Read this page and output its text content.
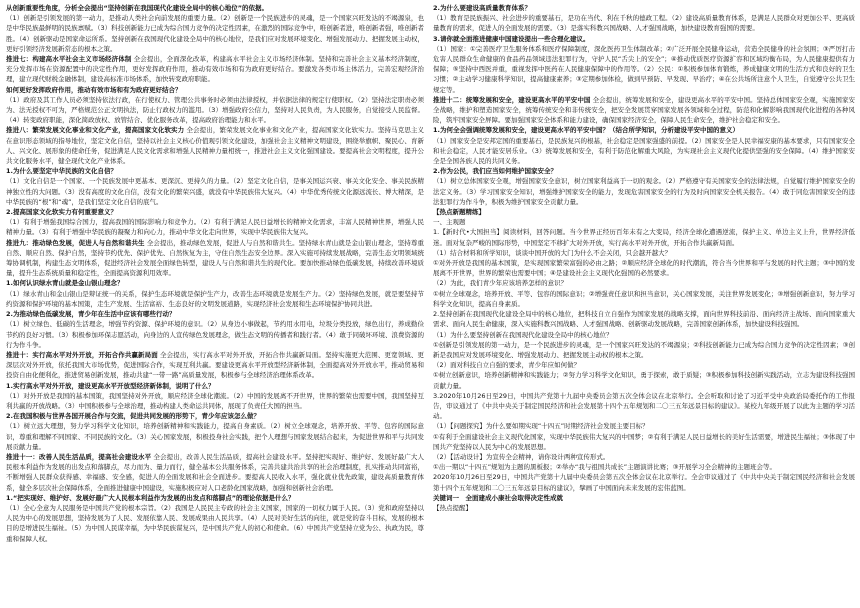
从创新重要性角度，分析全会提出“坚持创新在我国现代化建设全局中的核心地位”的依据。

（1）创新是引领发展的第一动力，是推动人类社会向前发展的重要力量。（2）创新是一个民族进步的灵魂，是一个国家兴旺发达的不竭源泉，也是中华民族最鲜明的民族禀赋。（3）科技创新能力已成为综合国力竞争的决定性因素，在激烈的国际竞争中，唯创新者进，唯创新者强，唯创新者胜。（4）创新驱动是国家命运所系。坚持创新在我国现代化建设全局中的核心地位，是我们应对发展环境变化、增强发展动力、把握发展主动权，更好引领经济发展新常态的根本之策。

推进七：构建高水平社会主义市场经济体制 全会提出，全面深化改革，构建高水平社会主义市场经济体制。坚持和完善社会主义基本经济制度，充分发挥市场在资源配置中的决定性作用，更好发挥政府作用，推动有效市场和有为政府更好结合。要激发各类市场主体活力，完善宏观经济治理，建立现代财税金融体制，建设高标准市场体系，加快转变政府职能。

如何更好发挥政府作用，推动有效市场和有为政府更好结合？

（1）政府及其工作人员必须坚持依法行政，在行使权力、管理公共事务时必须由法律授权，并依据法律的规定行使职权。（2）坚持法定职责必须为、法无授权不可为，严格规范公正文明执法，防止行政权力的滥用。（3）增强政府公信力，坚持对人民负责，为人民服务，自觉接受人民监督。（4）转变政府职能，深化简政放权、放管结合、优化服务改革，提高政府治理能力和水平。

推进八：繁荣发展文化事业和文化产业，提高国家文化软实力 全会提出，繁荣发展文化事业和文化产业，提高国家文化软实力。坚持马克思主义在意识形态领域的指导地位，坚定文化自信，坚持以社会主义核心价值观引领文化建设，加强社会主义精神文明建设，围绕举旗帜、聚民心、育新人、兴文化、展形象的使命任务，促进满足人民文化需求和增强人民精神力量相统一，推进社会主义文化强国建设。要提高社会文明程度，提升公共文化服务水平，健全现代文化产业体系。

1.为什么要坚定中华民族的文化自信？

（1）文化自信是一个国家、一个民族发展中更基本、更深沉、更持久的力量。（2）坚定文化自信，是事关国运兴衰、事关文化安全、事关民族精神独立性的大问题。（3）没有高度的文化自信，没有文化的繁荣兴盛，就没有中华民族伟大复兴。（4）中华优秀传统文化源远流长、博大精深，是中华民族的“根”和“魂”，是我们坚定文化自信的底气。

2.提高国家文化软实力有何重要意义？

（1）有利于增强我国综合国力，提高我国的国际影响力和竞争力。（2）有利于满足人民日益增长的精神文化需求，丰富人民精神世界，增强人民精神力量。（3）有利于增强中华民族的凝聚力和向心力，推动中华文化走向世界，实现中华民族伟大复兴。

推进九：推动绿色发展，促进人与自然和谐共生 全会提出，推动绿色发展，促进人与自然和谐共生。坚持绿水青山就是金山银山理念，坚持尊重自然、顺应自然、保护自然，坚持节约优先、保护优先、自然恢复为主，守住自然生态安全边界。深入实施可持续发展战略，完善生态文明领域统筹协调机制，构建生态文明体系，促进经济社会发展全面绿色转型，建设人与自然和谐共生的现代化。要加快推动绿色低碳发展，持续改善环境质量，提升生态系统质量和稳定性，全面提高资源利用效率。

1.如何认识绿水青山就是金山银山理念？

（1）绿水青山和金山银山是辩证统一的关系，保护生态环境就是保护生产力，改善生态环境就是发展生产力。（2）坚持绿色发展，就是要坚持节约资源和保护环境的基本国策，走生产发展、生活富裕、生态良好的文明发展道路，实现经济社会发展和生态环境保护协同共进。

2.为推动绿色低碳发展，青少年在生活中应该有哪些行动？

（1）树立绿色、低碳的生活理念，增强节约资源、保护环境的意识。（2）从身边小事做起，节约用水用电，垃圾分类投放，绿色出行，养成勤俭节约的良好习惯。（3）积极参加环保志愿活动，向身边的人宣传绿色发展理念，做生态文明的传播者和践行者。（4）敢于同破坏环境、浪费资源的行为作斗争。

推进十：实行高水平对外开放，开拓合作共赢新局面 全会提出，实行高水平对外开放，开拓合作共赢新局面。坚持实施更大范围、更宽领域、更深层次对外开放，依托我国大市场优势，促进国际合作，实现互利共赢。要建设更高水平开放型经济新体制，全面提高对外开放水平，推动贸易和投资自由化便利化，推进贸易创新发展，推动共建“一带一路”高质量发展，积极参与全球经济治理体系改革。

1.实行高水平对外开放，建设更高水平开放型经济新体制，说明了什么？

（1）对外开放是我国的基本国策，我国坚持对外开放，顺应经济全球化潮流。（2）中国的发展离不开世界，世界的繁荣也需要中国，我国坚持互利共赢的开放战略。（3）中国积极参与全球治理，推动构建人类命运共同体，展现了负责任大国的担当。

2.在我国积极与世界各国开展合作与交流，促进共同发展的形势下，青少年应该怎么做？

（1）树立远大理想，努力学习科学文化知识，培养创新精神和实践能力，提高自身素质。（2）树立全球观念，培养开放、平等、包容的国际意识，尊重和理解不同国家、不同民族的文化。（3）关心国家发展，积极投身社会实践，把个人理想与国家发展结合起来，为促进世界和平与共同发展贡献力量。

推进十一：改善人民生活品质，提高社会建设水平 全会提出，改善人民生活品质，提高社会建设水平。坚持把实现好、维护好、发展好最广大人民根本利益作为发展的出发点和落脚点，尽力而为、量力而行，健全基本公共服务体系，完善共建共治共享的社会治理制度，扎实推动共同富裕，不断增强人民群众获得感、幸福感、安全感，促进人的全面发展和社会全面进步。要提高人民收入水平，强化就业优先政策，建设高质量教育体系，健全多层次社会保障体系，全面推进健康中国建设，实施积极应对人口老龄化国家战略，加强和创新社会治理。

1.“把实现好、维护好、发展好最广大人民根本利益作为发展的出发点和落脚点”的理论依据是什么？

（1）全心全意为人民服务是中国共产党的根本宗旨。（2）我国是人民民主专政的社会主义国家，国家的一切权力属于人民。（3）党和政府坚持以人民为中心的发展思想，坚持发展为了人民、发展依靠人民、发展成果由人民共享。（4）人民对美好生活的向往，就是党的奋斗目标，发展的根本目的是增进民生福祉。（5）为中国人民谋幸福，为中华民族谋复兴，是中国共产党人的初心和使命。（6）中国共产党坚持立党为公、执政为民，尊重和保障人权。

2.为什么要建设高质量教育体系？

（1）教育是民族振兴、社会进步的重要基石，是功在当代、利在千秋的德政工程。（2）建设高质量教育体系，是满足人民群众对更加公平、更高质量教育的需求，促进人的全面发展的需要。（3）是落实科教兴国战略、人才强国战略，加快建设教育强国的需要。

3.请你就全面推进健康中国建设提出一些合理化建议。

（1）国家：①完善医疗卫生服务体系和医疗保障制度，深化医药卫生体制改革；②广泛开展全民健身运动，营造全民健身的社会氛围；③严厉打击危害人民群众生命健康的食品药品领域违法犯罪行为，守护人民“舌尖上的安全”；④推动优质医疗资源扩容和区域均衡布局，为人民健康提供有力保障；⑤坚持中西医并重，重视发挥中医药在人民健康保障中的作用等。（2）公民：①积极参加体育锻炼，养成健康文明的生活方式和良好的卫生习惯；②主动学习健康科学知识，提高健康素养；③定期参加体检，做到早预防、早发现、早治疗；④在公共场所注意个人卫生，自觉遵守公共卫生规定等。

推进十二：统筹发展和安全，建设更高水平的平安中国 全会提出，统筹发展和安全，建设更高水平的平安中国。坚持总体国家安全观，实施国家安全战略，维护和塑造国家安全，统筹传统安全和非传统安全，把安全发展贯穿国家发展各领域和全过程，防范和化解影响我国现代化进程的各种风险，筑牢国家安全屏障。要加强国家安全体系和能力建设，确保国家经济安全，保障人民生命安全，维护社会稳定和安全。

1.为何全会强调统筹发展和安全，建设更高水平的平安中国？（结合所学知识，分析建设平安中国的意义）

（1）国家安全是安邦定国的重要基石，是民族复兴的根基，社会稳定是国家强盛的前提。（2）国家安全是人民幸福安康的基本要求，只有国家安全和社会稳定，人民才能安居乐业。（3）统筹发展和安全，有利于防范化解重大风险，为实现社会主义现代化提供坚强的安全保障。（4）维护国家安全是全国各族人民的共同义务。

2.作为公民，我们应当如何维护国家安全？

（1）树立总体国家安全观，增强国家安全意识，树立国家利益高于一切的观念。（2）严格遵守有关国家安全的法律法规，自觉履行维护国家安全的法定义务。（3）学习国家安全知识，增强维护国家安全的能力，发现危害国家安全的行为及时向国家安全机关报告。（4）敢于同危害国家安全的违法犯罪行为作斗争，积极为维护国家安全贡献力量。

【热点新题精练】

一、主观题

1.【新时代•大国担当】阅读材料，回答问题。当今世界正经历百年未有之大变局，经济全球化遭遇逆流，保护主义、单边主义上升，世界经济低迷。面对复杂严峻的国际形势，中国坚定不移扩大对外开放，实行高水平对外开放，开拓合作共赢新局面。

（1）结合材料和所学知识，谈谈中国开放的大门为什么不会关闭，只会越开越大？

①对外开放是我国的基本国策，是实现国家繁荣富强的必由之路；②顺应经济全球化的时代潮流，符合当今世界和平与发展的时代主题；③中国的发展离不开世界，世界的繁荣也需要中国；④是建设社会主义现代化强国的必然要求。

（2）为此，我们青少年应该培养怎样的意识？

①树立全球观念，培养开放、平等、包容的国际意识；②增强责任意识和担当意识，关心国家发展，关注世界发展变化；③增强创新意识，努力学习科学文化知识，提高自身素质。

2.坚持创新在我国现代化建设全局中的核心地位，把科技自立自强作为国家发展的战略支撑，面向世界科技前沿、面向经济主战场、面向国家重大需求、面向人民生命健康，深入实施科教兴国战略、人才强国战略、创新驱动发展战略，完善国家创新体系，加快建设科技强国。

（1）为什么要坚持创新在我国现代化建设全局中的核心地位？

①创新是引领发展的第一动力，是一个民族进步的灵魂，是一个国家兴旺发达的不竭源泉；②科技创新能力已成为综合国力竞争的决定性因素；③创新是我国应对发展环境变化、增强发展动力、把握发展主动权的根本之策。

（2）面对科技自立自强的要求，青少年应如何做？

①树立创新意识，培养创新精神和实践能力；②努力学习科学文化知识，勇于探索，敢于质疑；③积极参加科技创新实践活动，立志为建设科技强国贡献力量。

3.2020年10月26日至29日，中国共产党第十九届中央委员会第五次全体会议在北京举行。全会听取和讨论了习近平受中央政治局委托作的工作报告，审议通过了《中共中央关于制定国民经济和社会发展第十四个五年规划和二〇三五年远景目标的建议》。某校九年级开展了以此为主题的学习活动。

（1）【问题探究】为什么要如期实现“十四五”时期经济社会发展主要目标？

①有利于全面建设社会主义现代化国家，实现中华民族伟大复兴的中国梦；②有利于满足人民日益增长的美好生活需要，增进民生福祉；③体现了中国共产党坚持以人民为中心的发展思想。

（2）【活动设计】为宣传全会精神，请你设计两种宣传形式。

①出一期以“十四五”规划为主题的黑板报；②举办“我与祖国共成长”主题演讲比赛；③开展学习全会精神的主题班会等。

2020年10月26日至29日，中国共产党第十九届中央委员会第五次全体会议在北京举行。全会审议通过了《中共中央关于制定国民经济和社会发展第十四个五年规划和二〇三五年远景目标的建议》，擘画了中国面向未来发展的宏伟蓝图。

关键词一　全面建成小康社会取得决定性成就

【热点提醒】
